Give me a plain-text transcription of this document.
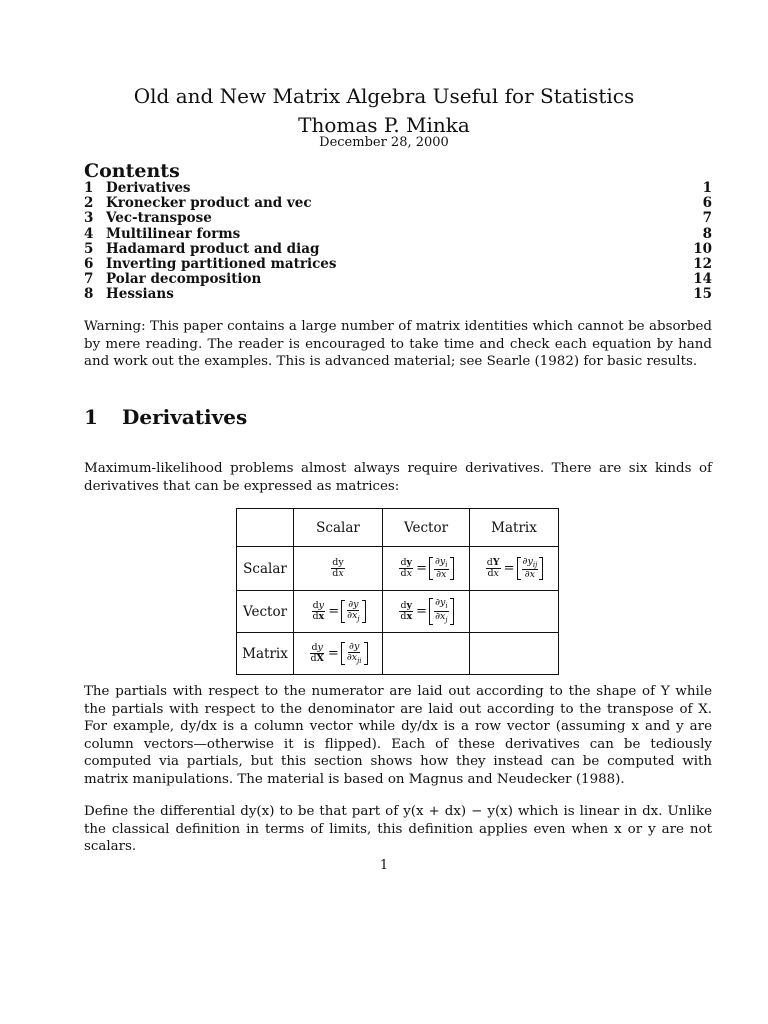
Old and New Matrix Algebra Useful for Statistics
Thomas P. Minka
December 28, 2000
Contents
1 Derivatives	1
2 Kronecker product and vec	6
3 Vec-transpose	7
4 Multilinear forms	8
5 Hadamard product and diag	10
6 Inverting partitioned matrices	12
7 Polar decomposition	14
8 Hessians	15

Warning: This paper contains a large number of matrix identities which cannot be absorbed by mere reading. The reader is encouraged to take time and check each equation by hand and work out the examples. This is advanced material; see Searle (1982) for basic results.

1 Derivatives

Maximum-likelihood problems almost always require derivatives. There are six kinds of derivatives that can be expressed as matrices:

	Scalar	Vector	Matrix
Scalar	$\frac{dy}{dx}$	$\frac{dy}{dx} = \frac{\partial y_i}{\partial x}$	$\frac{dY}{dx} = \frac{\partial y_{ij}}{\partial x}$

Vector	$\frac{dy}{dx} = \frac{\partial y}{\partial x_j}$	$\frac{dy}{dx} = \frac{\partial y_i}{\partial x_j}$

Matrix	$\frac{dy}{dX} = \frac{\partial y}{\partial x_{ji}}$

The partials with respect to the numerator are laid out according to the shape of Y while the partials with respect to the denominator are laid out according to the transpose of X. For example, dy/dx is a column vector while dy/dx is a row vector (assuming x and y are column vectors—otherwise it is flipped). Each of these derivatives can be tediously computed via partials, but this section shows how they instead can be computed with matrix manipulations. The material is based on Magnus and Neudecker (1988).

Define the differential dy(x) to be that part of y(x + dx) − y(x) which is linear in dx. Unlike the classical definition in terms of limits, this definition applies even when x or y are not scalars.

1
